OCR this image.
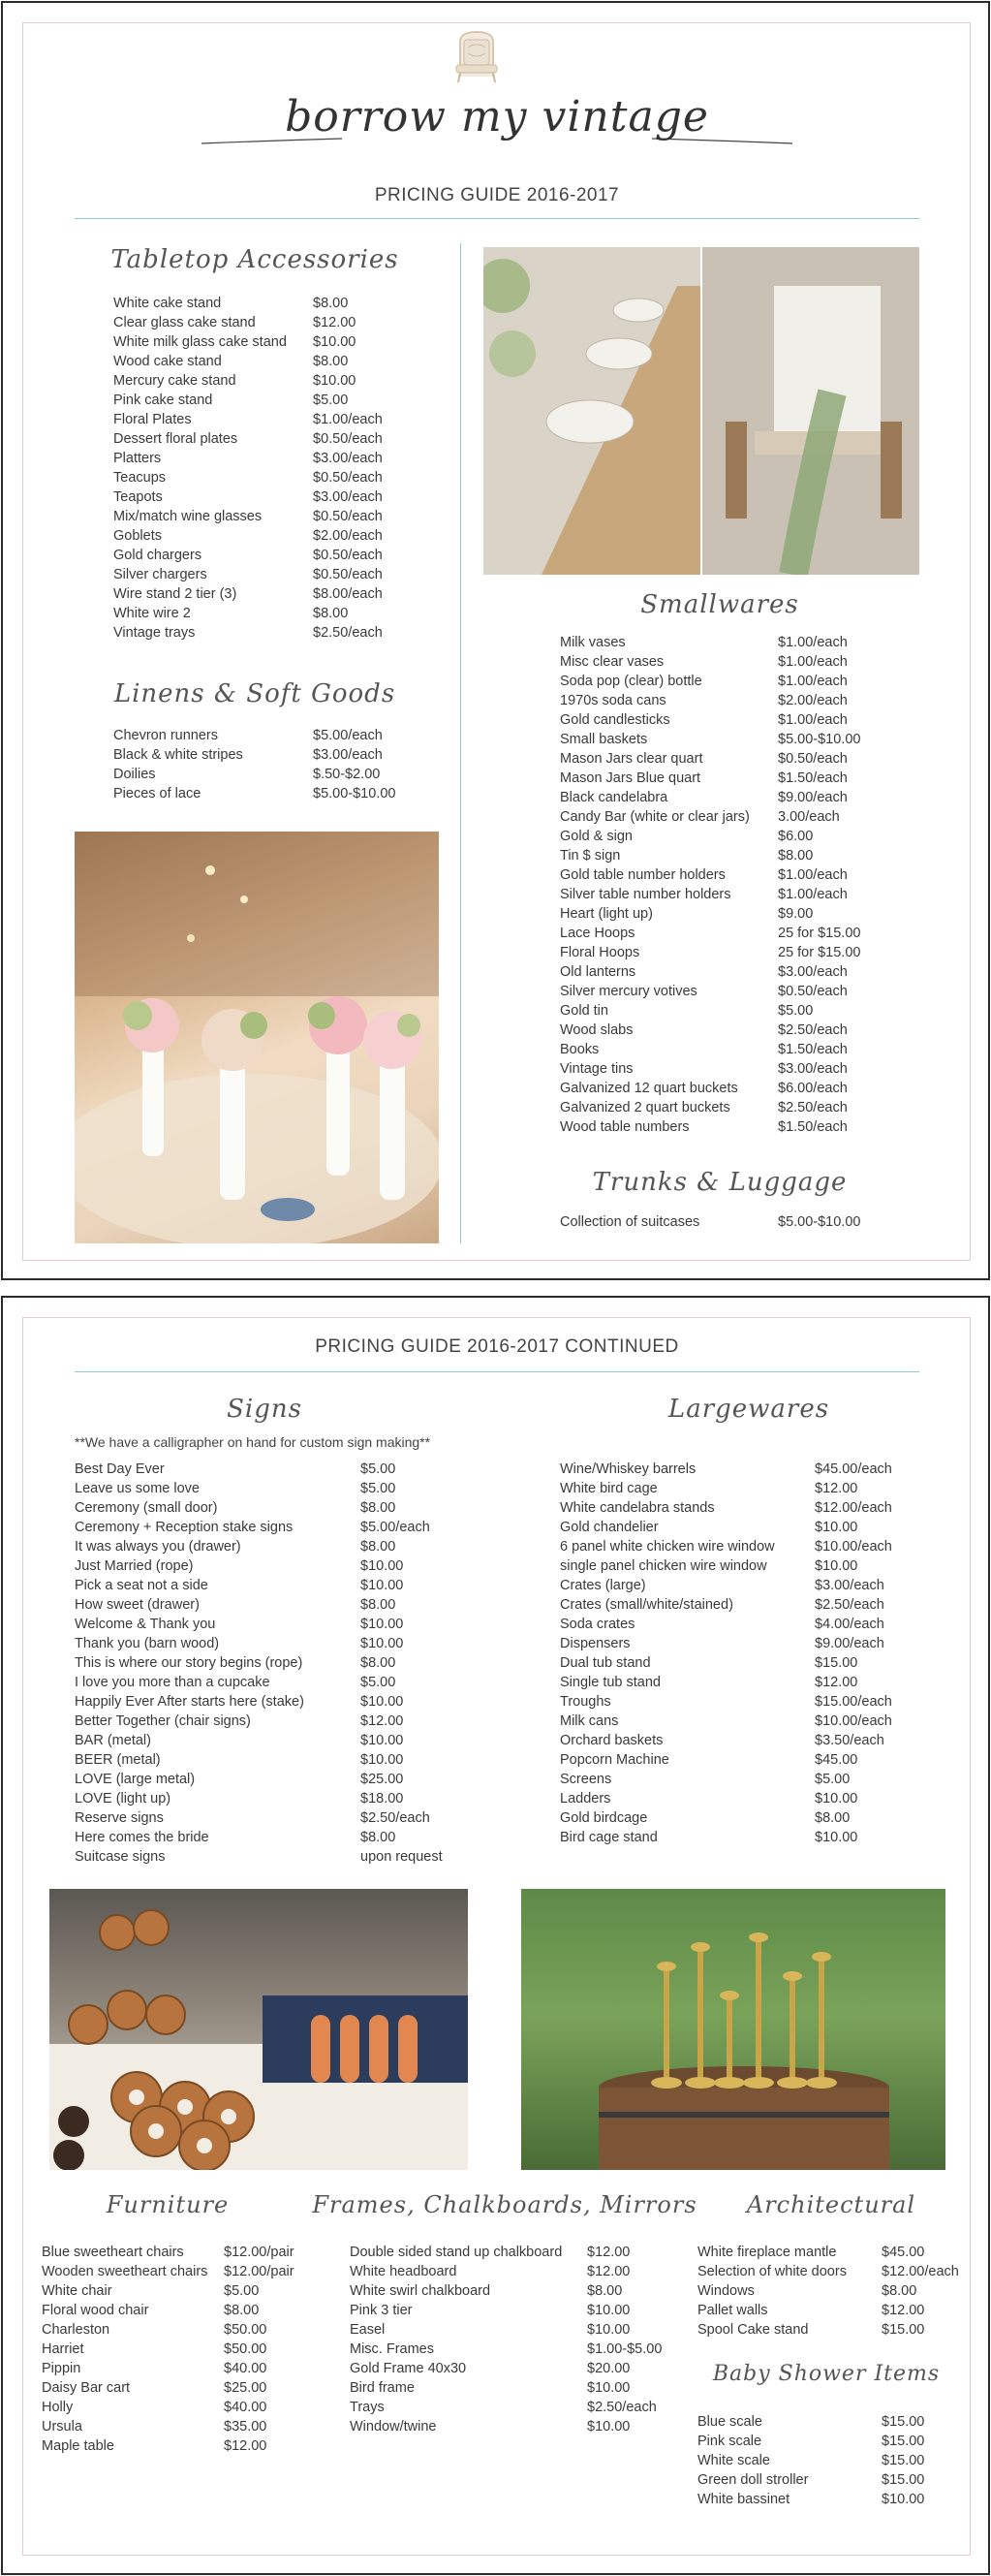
borrow my vintage
PRICING GUIDE 2016-2017
Tabletop Accessories
White cake stand	$8.00
Clear glass cake stand	$12.00
White milk glass cake stand $10.00
Wood cake stand	$8.00
Mercury cake stand	$10.00
Pink cake stand	$5.00
Floral Plates	$1.00/each
Dessert floral plates	$0.50/each
Platters	$3.00/each
Teacups	$0.50/each
Teapots	$3.00/each
Mix/match wine glasses	$0.50/each
Goblets	$2.00/each
Gold chargers	$0.50/each
Silver chargers	$0.50/each
Wire stand 2 tier (3)	$8.00/each
White wire 2	$8.00
Vintage trays	$2.50/each
Linens & Soft Goods
Chevron runners	$5.00/each
Black & white stripes	$3.00/each
Doilies	$.50-$2.00
Pieces of lace	$5.00-$10.00
Smallwares
Milk vases	$1.00/each
Misc clear vases	$1.00/each
Soda pop (clear) bottle	$1.00/each
1970s soda cans	$2.00/each
Gold candlesticks	$1.00/each
Small baskets	$5.00-$10.00
Mason Jars clear quart	$0.50/each
Mason Jars Blue quart	$1.50/each
Black candelabra	$9.00/each
Candy Bar (white or clear jars) 3.00/each
Gold & sign	$6.00
Tin $ sign	$8.00
Gold table number holders	$1.00/each
Silver table number holders	$1.00/each
Heart (light up)	$9.00
Lace Hoops	25 for $15.00
Floral Hoops	25 for $15.00
Old lanterns	$3.00/each
Silver mercury votives	$0.50/each
Gold tin	$5.00
Wood slabs	$2.50/each
Books	$1.50/each
Vintage tins	$3.00/each
Galvanized 12 quart buckets	$6.00/each
Galvanized 2 quart buckets	$2.50/each
Wood table numbers	$1.50/each
Trunks & Luggage
Collection of suitcases	$5.00-$10.00
PRICING GUIDE 2016-2017 CONTINUED
Signs
**We have a calligrapher on hand for custom sign making**
Best Day Ever	$5.00
Leave us some love	$5.00
Ceremony (small door)	$8.00
Ceremony + Reception stake signs	$5.00/each
It was always you (drawer)	$8.00
Just Married (rope)	$10.00
Pick a seat not a side	$10.00
How sweet (drawer)	$8.00
Welcome & Thank you	$10.00
Thank you (barn wood)	$10.00
This is where our story begins (rope)	$8.00
I love you more than a cupcake	$5.00
Happily Ever After starts here (stake)	$10.00
Better Together (chair signs)	$12.00
BAR (metal)	$10.00
BEER (metal)	$10.00
LOVE (large metal)	$25.00
LOVE (light up)	$18.00
Reserve signs	$2.50/each
Here comes the bride	$8.00
Suitcase signs	upon request
Largewares
Wine/Whiskey barrels	$45.00/each
White bird cage	$12.00
White candelabra stands	$12.00/each
Gold chandelier	$10.00
6 panel white chicken wire window	$10.00/each
single panel chicken wire window	$10.00
Crates (large)	$3.00/each
Crates (small/white/stained)	$2.50/each
Soda crates	$4.00/each
Dispensers	$9.00/each
Dual tub stand	$15.00
Single tub stand	$12.00
Troughs	$15.00/each
Milk cans	$10.00/each
Orchard baskets	$3.50/each
Popcorn Machine	$45.00
Screens	$5.00
Ladders	$10.00
Gold birdcage	$8.00
Bird cage stand	$10.00
Furniture
Blue sweetheart chairs	$12.00/pair
Wooden sweetheart chairs $12.00/pair
White chair	$5.00
Floral wood chair	$8.00
Charleston	$50.00
Harriet	$50.00
Pippin	$40.00
Daisy Bar cart	$25.00
Holly	$40.00
Ursula	$35.00
Maple table	$12.00
Frames, Chalkboards, Mirrors
Double sided stand up chalkboard $12.00
White headboard	$12.00
White swirl chalkboard	$8.00
Pink 3 tier	$10.00
Easel	$10.00
Misc. Frames	$1.00-$5.00
Gold Frame 40x30	$20.00
Bird frame	$10.00
Trays	$2.50/each
Window/twine	$10.00
Architectural
White fireplace mantle	$45.00
Selection of white doors $12.00/each
Windows	$8.00
Pallet walls	$12.00
Spool Cake stand	$15.00
Baby Shower Items
Blue scale	$15.00
Pink scale	$15.00
White scale	$15.00
Green doll stroller	$15.00
White bassinet	$10.00
